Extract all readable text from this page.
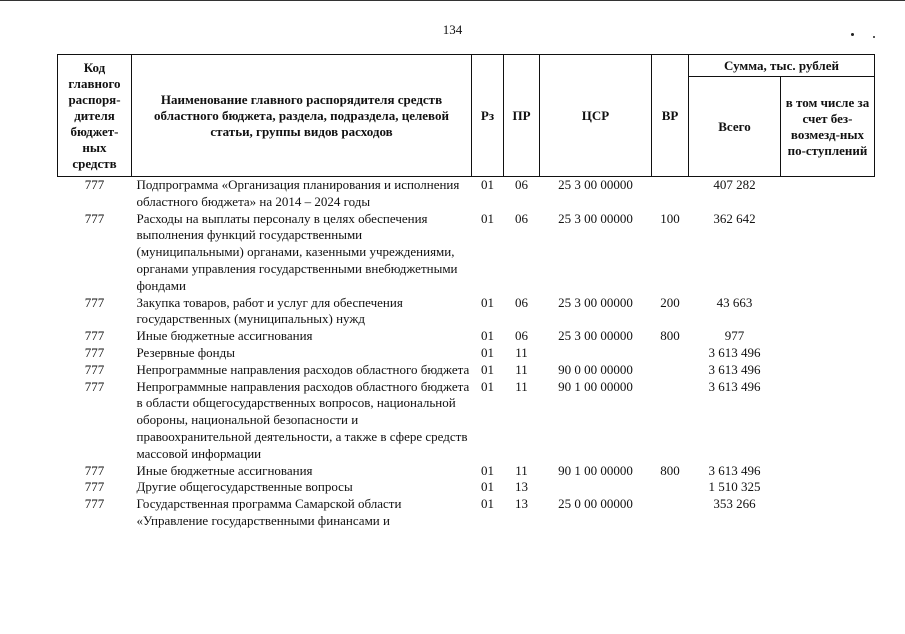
134
Код главного распоря-дителя бюджет-ных средств	Наименование главного распорядителя средств областного бюджета, раздела, подраздела, целевой статьи, группы видов расходов	Рз	ПР	ЦСР	ВР	Сумма, тыс. рублей	
						Всего	в том числе за счет без-возмезд-ных по-ступлений
777	Подпрограмма «Организация планирования и исполнения областного бюджета» на 2014 – 2024 годы	01	06	25 3 00 00000		407 282	
777	Расходы на выплаты персоналу в целях обеспечения выполнения функций государственными (муниципальными) органами, казенными учреждениями, органами управления государственными внебюджетными фондами	01	06	25 3 00 00000	100	362 642	
777	Закупка товаров, работ и услуг для обеспечения государственных (муниципальных) нужд	01	06	25 3 00 00000	200	43 663	
777	Иные бюджетные ассигнования	01	06	25 3 00 00000	800	977	
777	Резервные фонды	01	11			3 613 496	
777	Непрограммные направления расходов областного бюджета	01	11	90 0 00 00000		3 613 496	
777	Непрограммные направления расходов областного бюджета в области общегосударственных вопросов, национальной обороны, национальной безопасности и правоохранительной деятельности, а также в сфере средств массовой информации	01	11	90 1 00 00000		3 613 496	
777	Иные бюджетные ассигнования	01	11	90 1 00 00000	800	3 613 496	
777	Другие общегосударственные вопросы	01	13			1 510 325	
777	Государственная программа Самарской области «Управление государственными финансами и	01	13	25 0 00 00000		353 266	
